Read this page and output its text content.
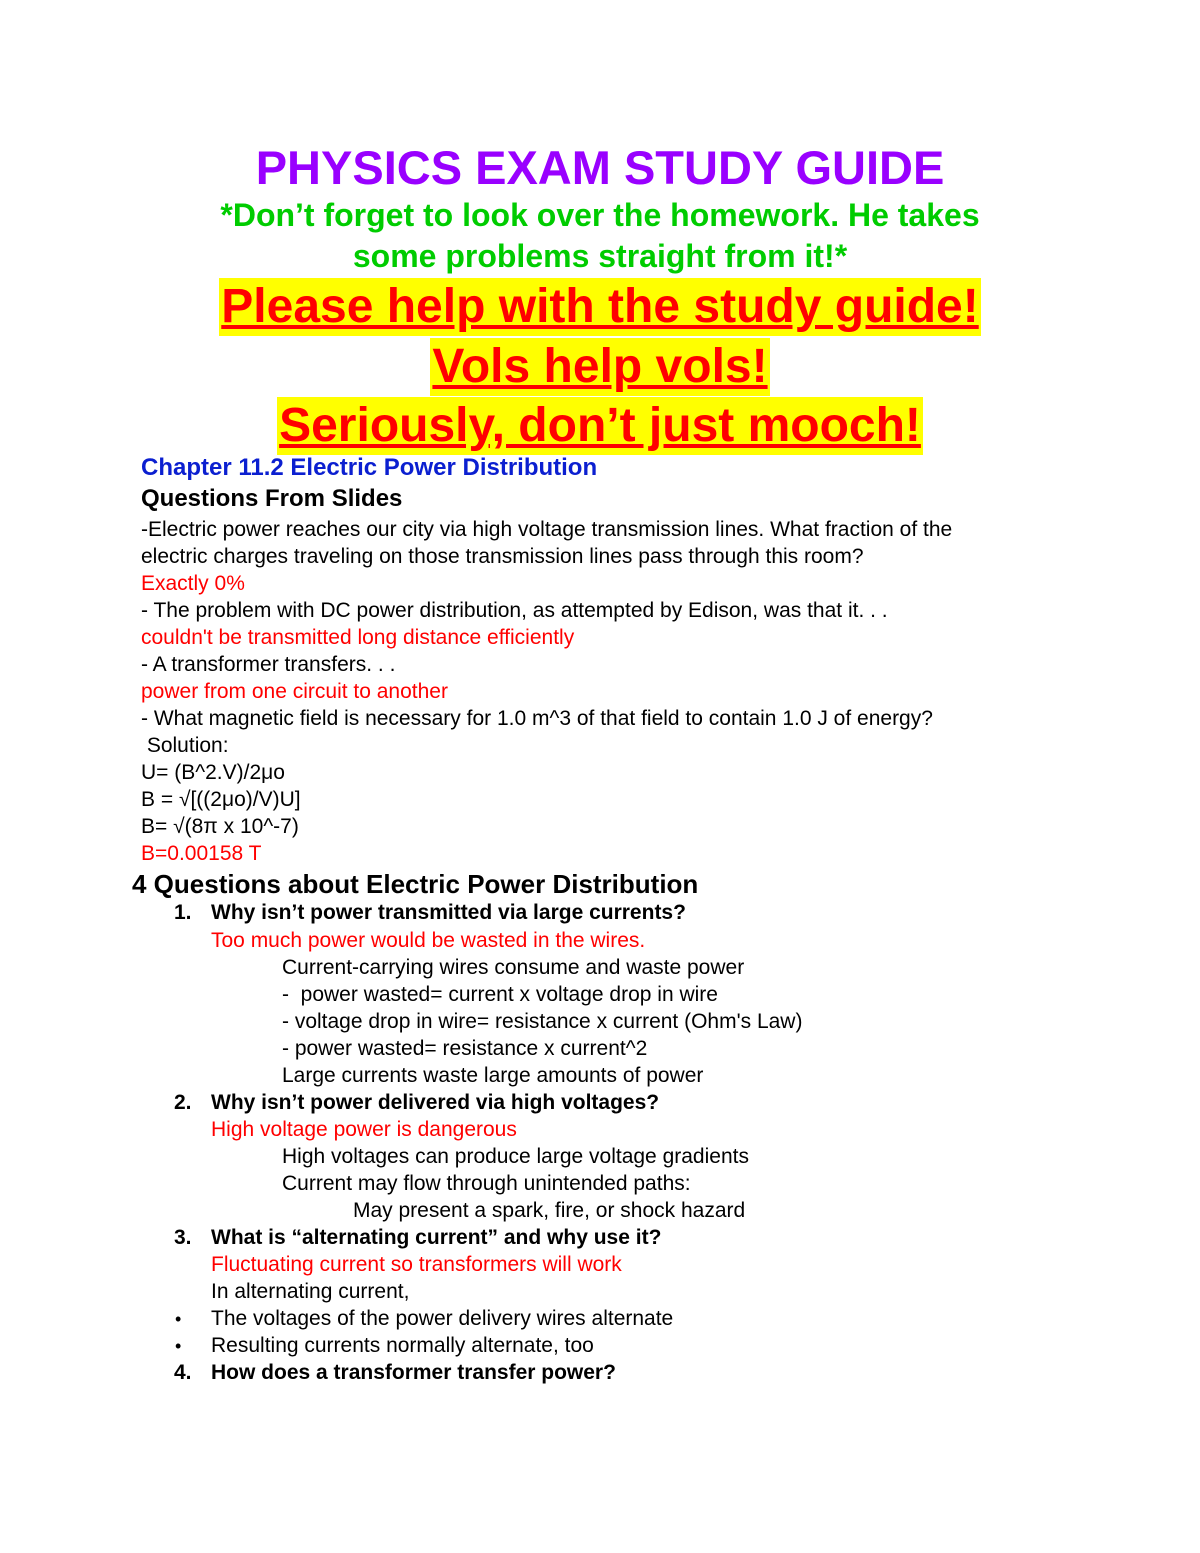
PHYSICS EXAM STUDY GUIDE
*Don’t forget to look over the homework. He takes
some problems straight from it!*
Please help with the study guide!
Vols help vols!
Seriously, don’t just mooch!
Chapter 11.2 Electric Power Distribution
Questions From Slides
-Electric power reaches our city via high voltage transmission lines. What fraction of the
electric charges traveling on those transmission lines pass through this room?
Exactly 0%
- The problem with DC power distribution, as attempted by Edison, was that it. . .
couldn't be transmitted long distance efficiently
- A transformer transfers. . .
power from one circuit to another
- What magnetic field is necessary for 1.0 m^3 of that field to contain 1.0 J of energy?
Solution:
U= (B^2.V)/2μo
B = √[((2μo)/V)U]
B= √(8π x 10^-7)
B=0.00158 T
4 Questions about Electric Power Distribution
1. Why isn’t power transmitted via large currents?
Too much power would be wasted in the wires.
Current-carrying wires consume and waste power
-  power wasted= current x voltage drop in wire
- voltage drop in wire= resistance x current (Ohm's Law)
- power wasted= resistance x current^2
Large currents waste large amounts of power
2. Why isn’t power delivered via high voltages?
High voltage power is dangerous
High voltages can produce large voltage gradients
Current may flow through unintended paths:
May present a spark, fire, or shock hazard
3. What is “alternating current” and why use it?
Fluctuating current so transformers will work
In alternating current,
• The voltages of the power delivery wires alternate
• Resulting currents normally alternate, too
4. How does a transformer transfer power?
